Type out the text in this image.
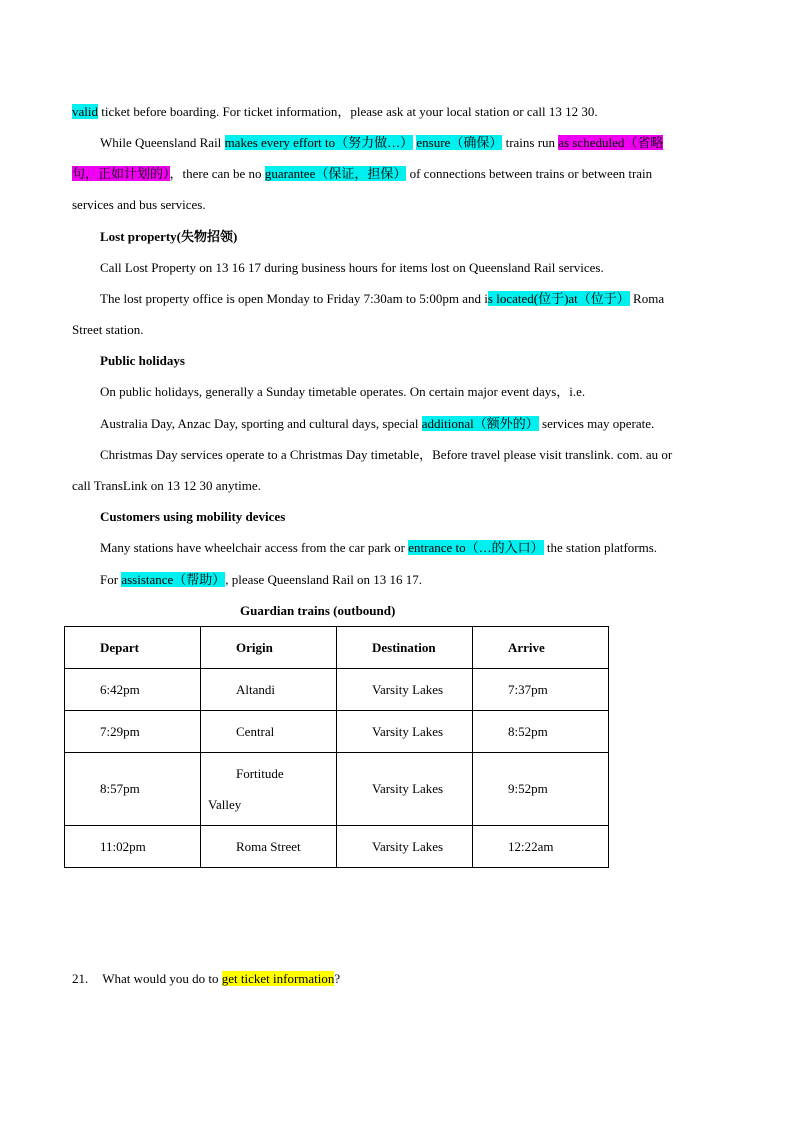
valid ticket before boarding. For ticket information，please ask at your local station or call 13 12 30.
While Queensland Rail makes every effort to（努力做…） ensure（确保） trains run as scheduled（省略
句，正如计划的），there can be no guarantee（保证，担保） of connections between trains or between train
services and bus services.
Lost property(失物招领)
Call Lost Property on 13 16 17 during business hours for items lost on Queensland Rail services.
The lost property office is open Monday to Friday 7:30am to 5:00pm and is located(位于)at（位于） Roma
Street station.
Public holidays
On public holidays, generally a Sunday timetable operates. On certain major event days，i.e.
Australia Day, Anzac Day, sporting and cultural days, special additional（额外的） services may operate.
Christmas Day services operate to a Christmas Day timetable，Before travel please visit translink. com. au or
call TransLink on 13 12 30 anytime.
Customers using mobility devices
Many stations have wheelchair access from the car park or entrance to（…的入口） the station platforms.
For assistance（帮助）, please Queensland Rail on 13 16 17.
Guardian trains (outbound)
Depart	Origin	Destination	Arrive

6:42pm	Altandi	Varsity Lakes	7:37pm

7:29pm	Central	Varsity Lakes	8:52pm

8:57pm	Fortitude
Valley	Varsity Lakes	9:52pm

11:02pm	Roma Street	Varsity Lakes	12:22am
21. What would you do to get ticket information?
